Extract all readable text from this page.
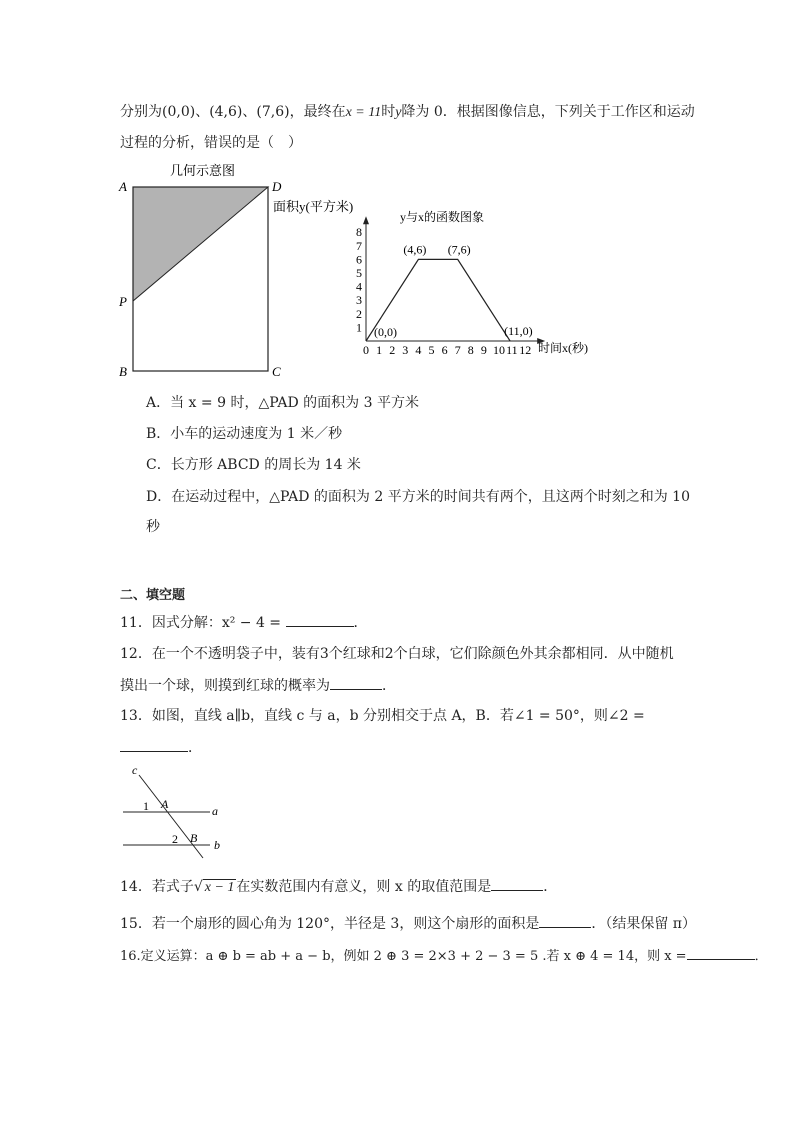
分别为(0,0)、(4,6)、(7,6)，最终在x = 11时y降为 0．根据图像信息，下列关于工作区和运动
过程的分析，错误的是（　）
几何示意图
A	D
P
B	C
面积y(平方米)
y与x的函数图象
时间x(秒)
0 1 2 3 4 5 6 7 8 9 10 11 12
1
2
3
4
5
6
7
8
(0,0)
(4,6) (7,6)
(11,0)
A．当 x = 9 时，△PAD 的面积为 3 平方米
B．小车的运动速度为 1 米／秒
C．长方形 ABCD 的周长为 14 米
D．在运动过程中，△PAD 的面积为 2 平方米的时间共有两个，且这两个时刻之和为 10
秒
二、填空题
11．因式分解：x² − 4 =	．
12．在一个不透明袋子中，装有3个红球和2个白球，它们除颜色外其余都相同．从中随机
摸出一个球，则摸到红球的概率为	．
13．如图，直线 a∥b，直线 c 与 a，b 分别相交于点 A，B．若∠1 = 50°，则∠2 =
．
c
a
b
1 A
2 B
14．若式子√ x − 1 在实数范围内有意义，则 x 的取值范围是	．
15．若一个扇形的圆心角为 120°，半径是 3，则这个扇形的面积是	．（结果保留 π）
16.定义运算：a ⊕ b = ab + a − b，例如 2 ⊕ 3 = 2×3 + 2 − 3 = 5 .若 x ⊕ 4 = 14，则 x =	．
